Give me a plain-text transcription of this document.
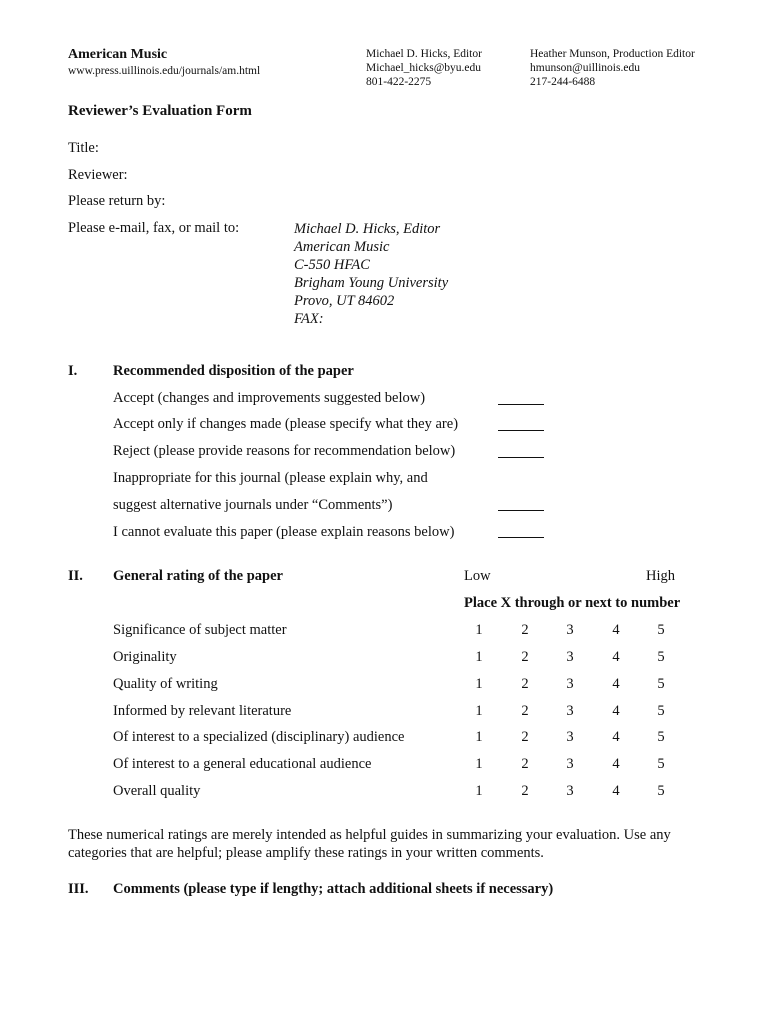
American Music
www.press.uillinois.edu/journals/am.html
Michael D. Hicks, Editor
Michael_hicks@byu.edu
801-422-2275
Heather Munson, Production Editor
hmunson@uillinois.edu
217-244-6488
Reviewer’s Evaluation Form
Title:
Reviewer:
Please return by:
Please e-mail, fax, or mail to:	Michael D. Hicks, Editor
American Music
C-550 HFAC
Brigham Young University
Provo, UT 84602
FAX:
I. Recommended disposition of the paper
Accept (changes and improvements suggested below)
Accept only if changes made (please specify what they are)
Reject (please provide reasons for recommendation below)
Inappropriate for this journal (please explain why, and
suggest alternative journals under “Comments”)
I cannot evaluate this paper (please explain reasons below)
II. General rating of the paper	Low	High
Place X through or next to number
Significance of subject matter	1	2	3	4	5
Originality	1	2	3	4	5
Quality of writing	1	2	3	4	5
Informed by relevant literature	1	2	3	4	5
Of interest to a specialized (disciplinary) audience	1	2	3	4	5
Of interest to a general educational audience	1	2	3	4	5
Overall quality	1	2	3	4	5
These numerical ratings are merely intended as helpful guides in summarizing your evaluation. Use any categories that are helpful; please amplify these ratings in your written comments.
III. Comments (please type if lengthy; attach additional sheets if necessary)
